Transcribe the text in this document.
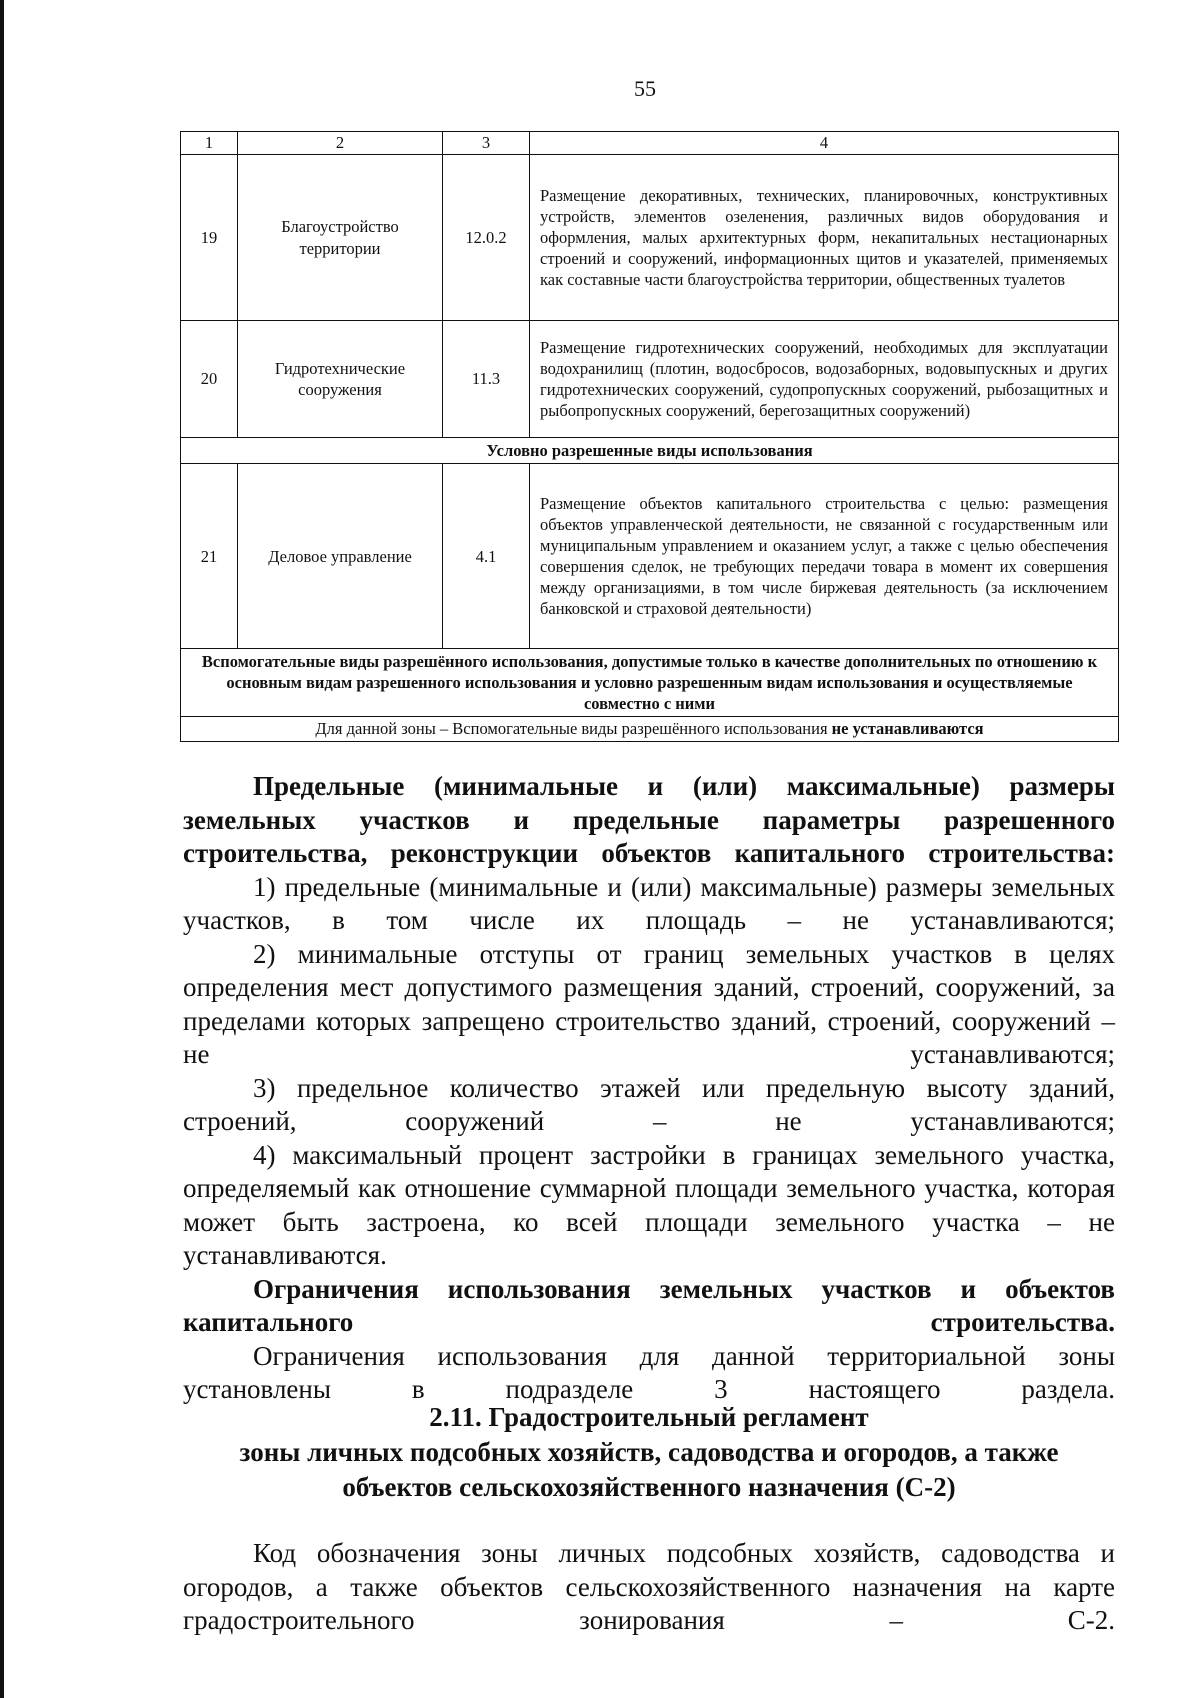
55
1	2	3	4
19	Благоустройство территории	12.0.2	Размещение декоративных, технических, планировочных, конструктивных устройств, элементов озеленения, различных видов оборудования и оформления, малых архитектурных форм, некапитальных нестационарных строений и сооружений, информационных щитов и указателей, применяемых как составные части благоустройства территории, общественных туалетов
20	Гидротехнические сооружения	11.3	Размещение гидротехнических сооружений, необходимых для эксплуатации водохранилищ (плотин, водосбросов, водозаборных, водовыпускных и других гидротехнических сооружений, судопропускных сооружений, рыбозащитных и рыбопропускных сооружений, берегозащитных сооружений)
Условно разрешенные виды использования			
21	Деловое управление	4.1	Размещение объектов капитального строительства с целью: размещения объектов управленческой деятельности, не связанной с государственным или муниципальным управлением и оказанием услуг, а также с целью обеспечения совершения сделок, не требующих передачи товара в момент их совершения между организациями, в том числе биржевая деятельность (за исключением банковской и страховой деятельности)
Вспомогательные виды разрешённого использования, допустимые только в качестве дополнительных по отношению к основным видам разрешенного использования и условно разрешенным видам использования и осуществляемые совместно с ними			
Для данной зоны – Вспомогательные виды разрешённого использования не устанавливаются			

Предельные (минимальные и (или) максимальные) размеры земельных участков и предельные параметры разрешенного строительства, реконструкции объектов капитального строительства:

1) предельные (минимальные и (или) максимальные) размеры земельных участков, в том числе их площадь – не устанавливаются;

2) минимальные отступы от границ земельных участков в целях определения мест допустимого размещения зданий, строений, сооружений, за пределами которых запрещено строительство зданий, строений, сооружений – не устанавливаются;

3) предельное количество этажей или предельную высоту зданий, строений, сооружений – не устанавливаются;

4) максимальный процент застройки в границах земельного участка, определяемый как отношение суммарной площади земельного участка, которая может быть застроена, ко всей площади земельного участка – не устанавливаются.

Ограничения использования земельных участков и объектов капитального строительства.

Ограничения использования для данной территориальной зоны установлены в подразделе 3 настоящего раздела.

2.11. Градостроительный регламент

зоны личных подсобных хозяйств, садоводства и огородов, а также

объектов сельскохозяйственного назначения (С-2)

Код обозначения зоны личных подсобных хозяйств, садоводства и огородов, а также объектов сельскохозяйственного назначения на карте градостроительного зонирования – С-2.
